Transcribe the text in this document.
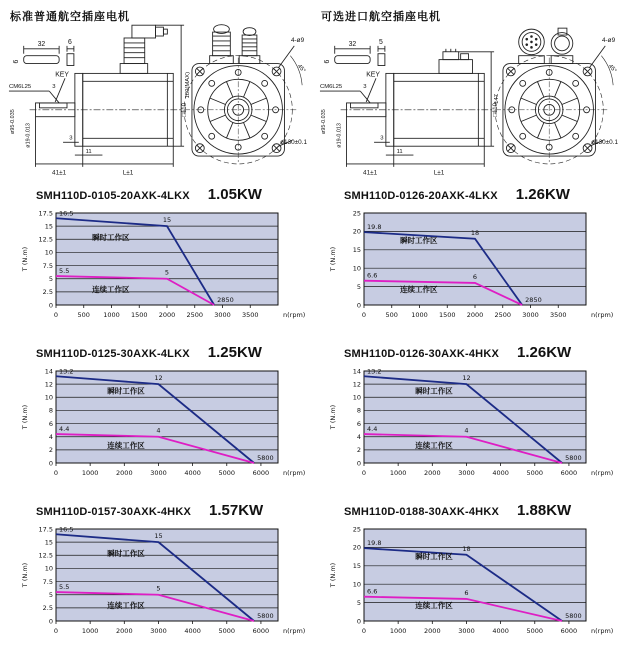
标准普通航空插座电机
32	6
6
KEY
CM6L25	3
ø95-0.035
ø19-0.013	3
11
41±1	L±1
180(MAX)
□110
4-ø9
45°
ø130±0.1
可选进口航空插座电机
32	5
6
KEY
CM6L25	3
ø95-0.035
ø19-0.013	3
11
41±1	L±1
147
□110
4-ø9
45°
ø130±0.1
SMH110D-0105-20AXK-4LKX 1.05KW
0
2.5
5
7.5
10
12.5
15
17.5
0	500 1000 1500 2000 2500 3000 3500	n(rpm)
T (N.m)
16.5
15
5.5	5
2850
瞬时工作区
连续工作区
SMH110D-0126-20AXK-4LKX 1.26KW
0
5
10
15
20
25
0	500 1000 1500 2000 2500 3000 3500	n(rpm)
T (N.m)
19.8
18
6.6	6
2850
瞬时工作区
连续工作区
SMH110D-0125-30AXK-4LKX 1.25KW
0
2
4
6
8
10
12
14
0	1000	2000	3000	4000	5000	6000 n(rpm)
T (N.m)
13.2
12
4.4	4
5800
瞬时工作区
连续工作区
SMH110D-0126-30AXK-4HKX 1.26KW
0
2
4
6
8
10
12
14
0	1000	2000	3000	4000	5000	6000 n(rpm)
T (N.m)
13.2
12
4.4	4
5800
瞬时工作区
连续工作区
SMH110D-0157-30AXK-4HKX 1.57KW
0
2.5
5
7.5
10
12.5
15
17.5
0	1000	2000	3000	4000	5000	6000 n(rpm)
T (N.m)
16.5
15
5.5	5
5800
瞬时工作区
连续工作区
SMH110D-0188-30AXK-4HKX 1.88KW
0
5
10
15
20
25
0	1000	2000	3000	4000	5000	6000 n(rpm)
T (N.m)
19.8
18
6.6	6
5800
瞬时工作区
连续工作区
